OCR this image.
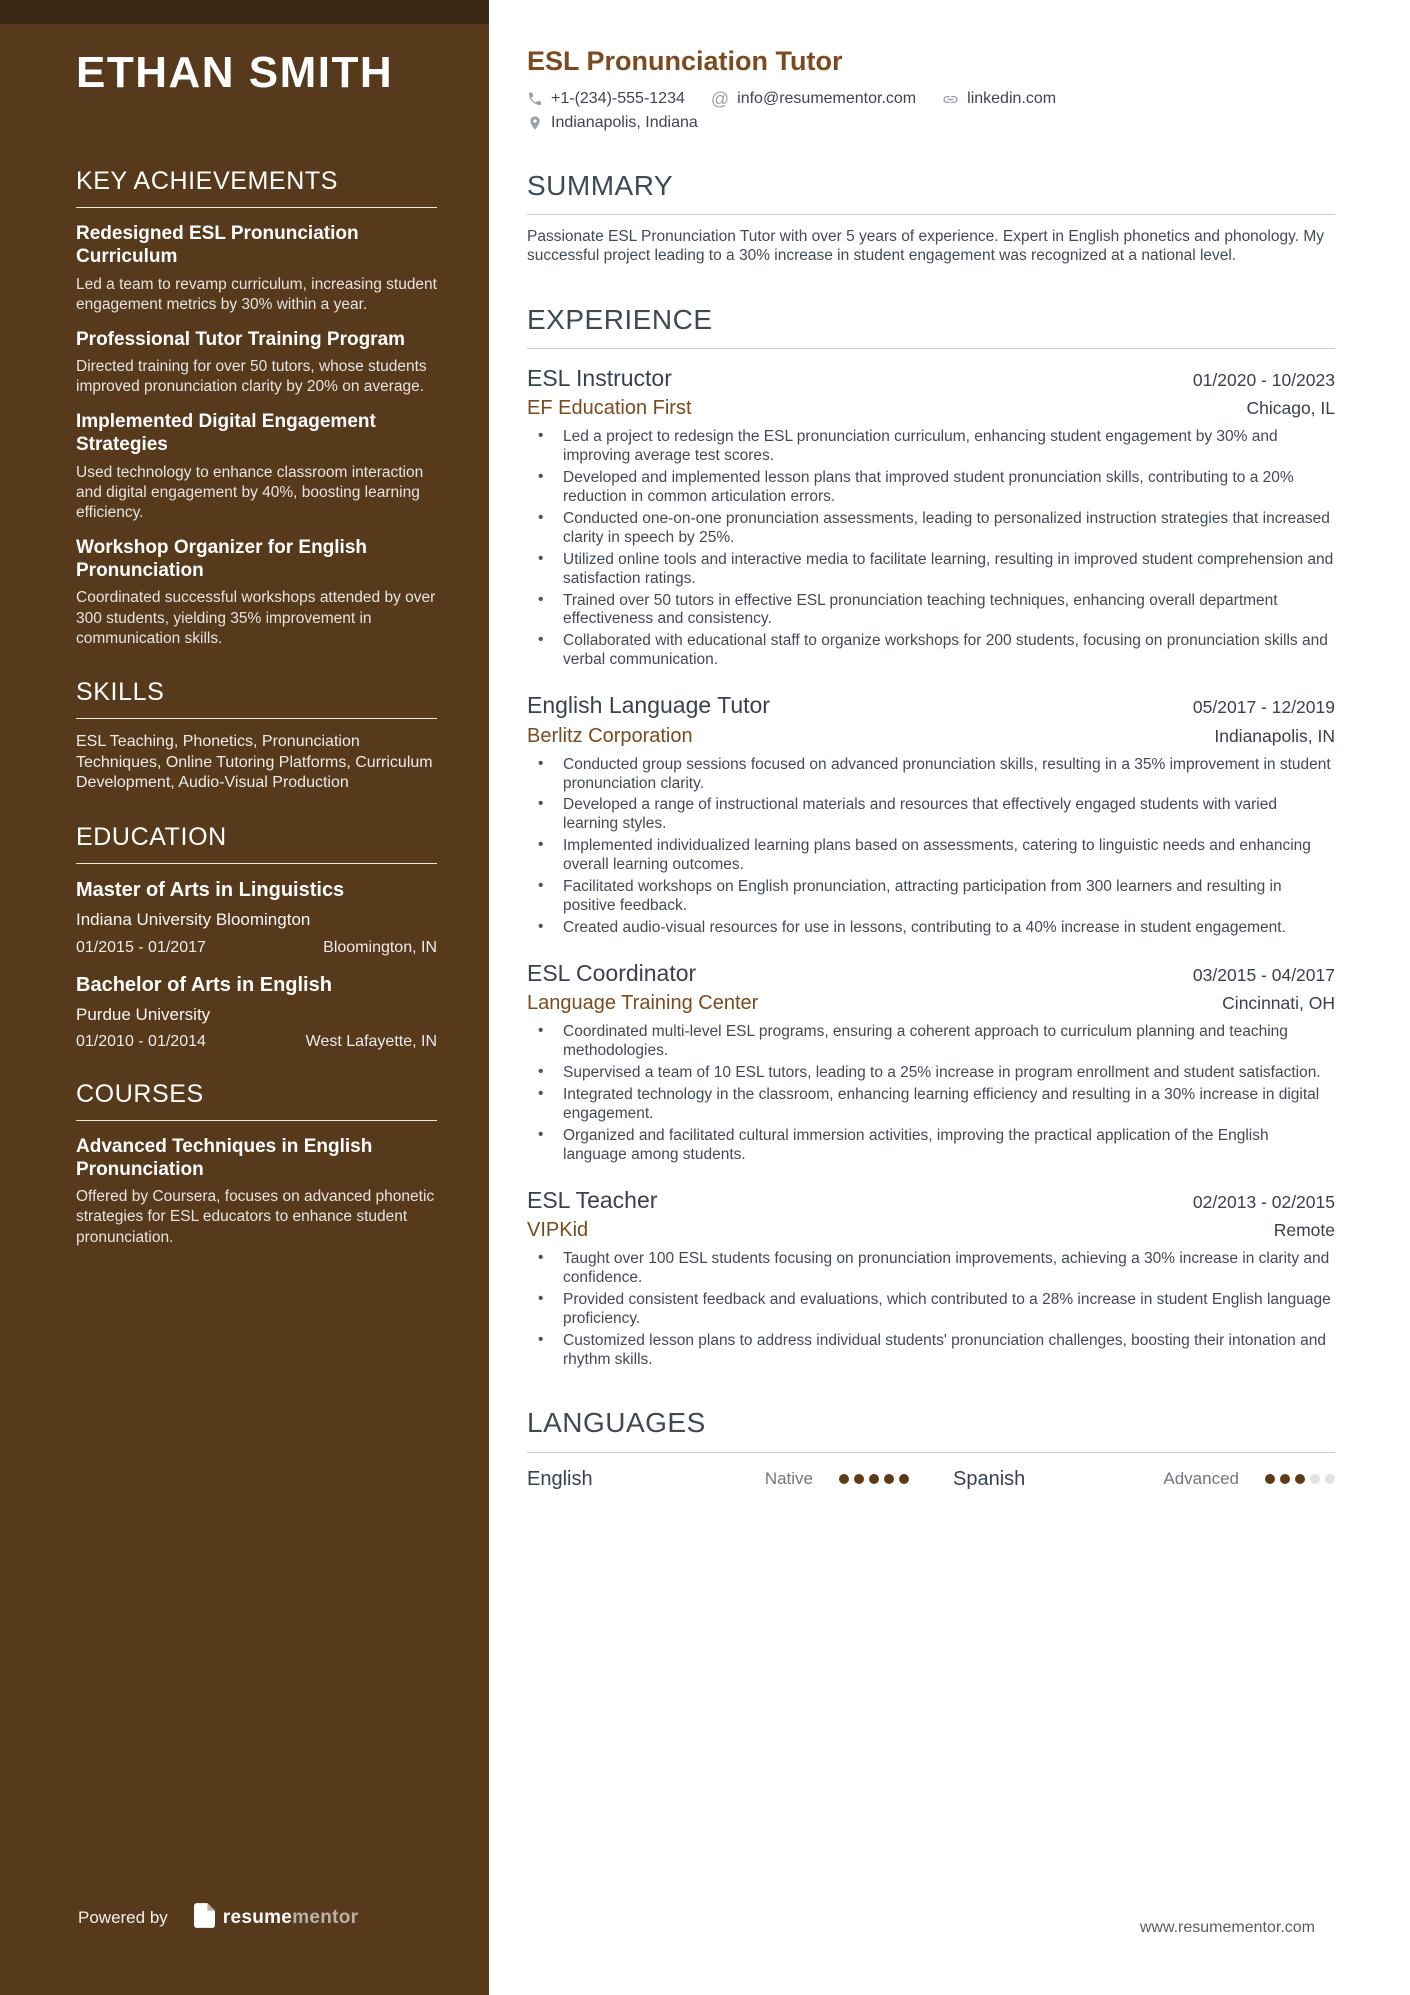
ETHAN SMITH
KEY ACHIEVEMENTS
Redesigned ESL Pronunciation Curriculum
Led a team to revamp curriculum, increasing student engagement metrics by 30% within a year.
Professional Tutor Training Program
Directed training for over 50 tutors, whose students improved pronunciation clarity by 20% on average.
Implemented Digital Engagement Strategies
Used technology to enhance classroom interaction and digital engagement by 40%, boosting learning efficiency.
Workshop Organizer for English Pronunciation
Coordinated successful workshops attended by over 300 students, yielding 35% improvement in communication skills.
SKILLS
ESL Teaching, Phonetics, Pronunciation Techniques, Online Tutoring Platforms, Curriculum Development, Audio-Visual Production
EDUCATION
Master of Arts in Linguistics
Indiana University Bloomington
01/2015 - 01/2017	Bloomington, IN
Bachelor of Arts in English
Purdue University
01/2010 - 01/2014	West Lafayette, IN
COURSES
Advanced Techniques in English Pronunciation
Offered by Coursera, focuses on advanced phonetic strategies for ESL educators to enhance student pronunciation.
ESL Pronunciation Tutor
+1-(234)-555-1234 @ info@resumementor.com	linkedin.com
Indianapolis, Indiana
SUMMARY

Passionate ESL Pronunciation Tutor with over 5 years of experience. Expert in English phonetics and phonology. My successful project leading to a 30% increase in student engagement was recognized at a national level.

EXPERIENCE
ESL Instructor	01/2020 - 10/2023
EF Education First	Chicago, IL
• Led a project to redesign the ESL pronunciation curriculum, enhancing student engagement by 30% and improving average test scores.
• Developed and implemented lesson plans that improved student pronunciation skills, contributing to a 20% reduction in common articulation errors.
• Conducted one-on-one pronunciation assessments, leading to personalized instruction strategies that increased clarity in speech by 25%.
• Utilized online tools and interactive media to facilitate learning, resulting in improved student comprehension and satisfaction ratings.
• Trained over 50 tutors in effective ESL pronunciation teaching techniques, enhancing overall department effectiveness and consistency.
• Collaborated with educational staff to organize workshops for 200 students, focusing on pronunciation skills and verbal communication.
English Language Tutor	05/2017 - 12/2019
Berlitz Corporation	Indianapolis, IN
• Conducted group sessions focused on advanced pronunciation skills, resulting in a 35% improvement in student pronunciation clarity.
• Developed a range of instructional materials and resources that effectively engaged students with varied learning styles.
• Implemented individualized learning plans based on assessments, catering to linguistic needs and enhancing overall learning outcomes.
• Facilitated workshops on English pronunciation, attracting participation from 300 learners and resulting in positive feedback.
• Created audio-visual resources for use in lessons, contributing to a 40% increase in student engagement.
ESL Coordinator	03/2015 - 04/2017
Language Training Center	Cincinnati, OH
• Coordinated multi-level ESL programs, ensuring a coherent approach to curriculum planning and teaching methodologies.
• Supervised a team of 10 ESL tutors, leading to a 25% increase in program enrollment and student satisfaction.
• Integrated technology in the classroom, enhancing learning efficiency and resulting in a 30% increase in digital engagement.
• Organized and facilitated cultural immersion activities, improving the practical application of the English language among students.
ESL Teacher	02/2013 - 02/2015
VIPKid	Remote
• Taught over 100 ESL students focusing on pronunciation improvements, achieving a 30% increase in clarity and confidence.
• Provided consistent feedback and evaluations, which contributed to a 28% increase in student English language proficiency.
• Customized lesson plans to address individual students' pronunciation challenges, boosting their intonation and rhythm skills.
LANGUAGES
English	Native	Spanish	Advanced
Powered by	resumementor	www.resumementor.com
